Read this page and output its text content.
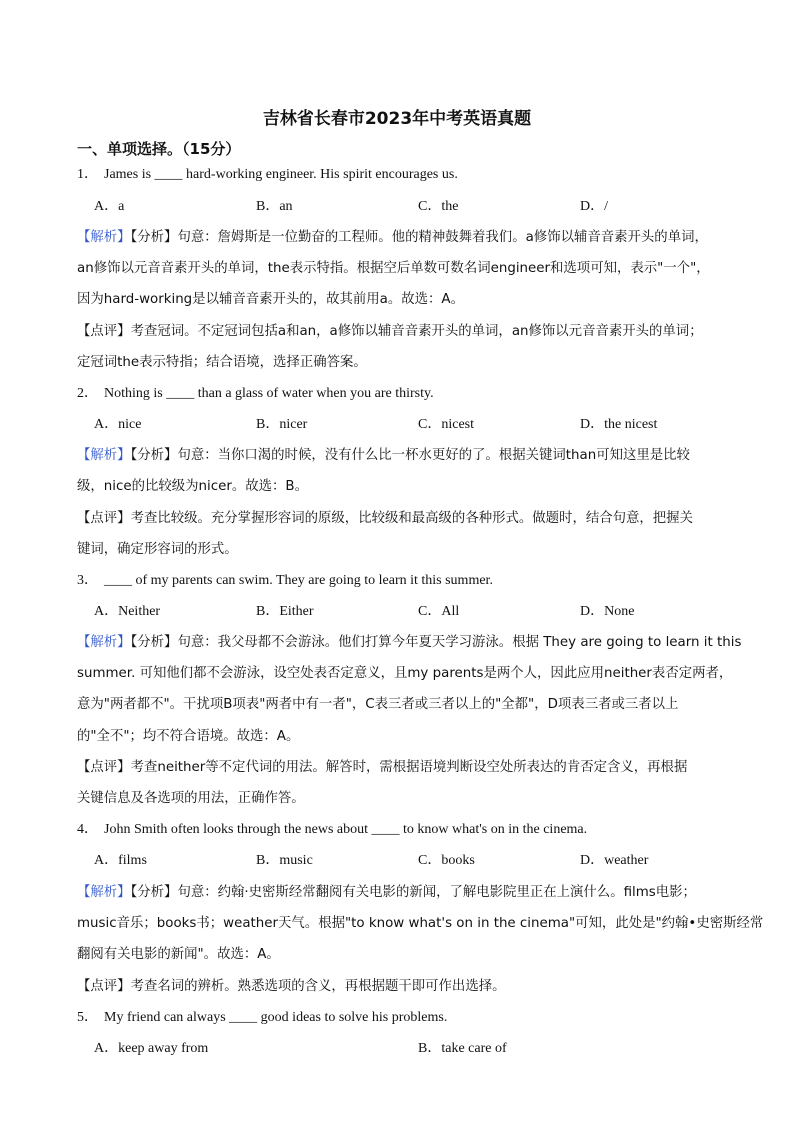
吉林省长春市2023年中考英语真题
一、单项选择。（15分）
1． James is ____ hard-working engineer. His spirit encourages us.
A．a	B．an	C．the	D．/
【解析】【分析】句意：詹姆斯是一位勤奋的工程师。他的精神鼓舞着我们。a修饰以辅音音素开头的单词，
an修饰以元音音素开头的单词，the表示特指。根据空后单数可数名词engineer和选项可知，表示"一个"，
因为hard-working是以辅音音素开头的，故其前用a。故选：A。
【点评】考查冠词。不定冠词包括a和an，a修饰以辅音音素开头的单词，an修饰以元音音素开头的单词；
定冠词the表示特指；结合语境，选择正确答案。
2． Nothing is ____ than a glass of water when you are thirsty.
A．nice	B．nicer	C．nicest	D．the nicest
【解析】【分析】句意：当你口渴的时候，没有什么比一杯水更好的了。根据关键词than可知这里是比较
级，nice的比较级为nicer。故选：B。
【点评】考查比较级。充分掌握形容词的原级，比较级和最高级的各种形式。做题时，结合句意，把握关
键词，确定形容词的形式。
3． ____ of my parents can swim. They are going to learn it this summer.
A．Neither	B．Either	C．All	D．None
【解析】【分析】句意：我父母都不会游泳。他们打算今年夏天学习游泳。根据 They are going to learn it this
summer. 可知他们都不会游泳，设空处表否定意义，且my parents是两个人，因此应用neither表否定两者，
意为"两者都不"。干扰项B项表"两者中有一者"，C表三者或三者以上的"全都"，D项表三者或三者以上
的"全不"；均不符合语境。故选：A。
【点评】考查neither等不定代词的用法。解答时，需根据语境判断设空处所表达的肯否定含义，再根据
关键信息及各选项的用法，正确作答。
4． John Smith often looks through the news about ____ to know what's on in the cinema.
A．films	B．music	C．books	D．weather
【解析】【分析】句意：约翰·史密斯经常翻阅有关电影的新闻，了解电影院里正在上演什么。films电影；
music音乐；books书；weather天气。根据"to know what's on in the cinema"可知，此处是"约翰•史密斯经常
翻阅有关电影的新闻"。故选：A。
【点评】考查名词的辨析。熟悉选项的含义，再根据题干即可作出选择。
5． My friend can always ____ good ideas to solve his problems.
A．keep away from	B．take care of
